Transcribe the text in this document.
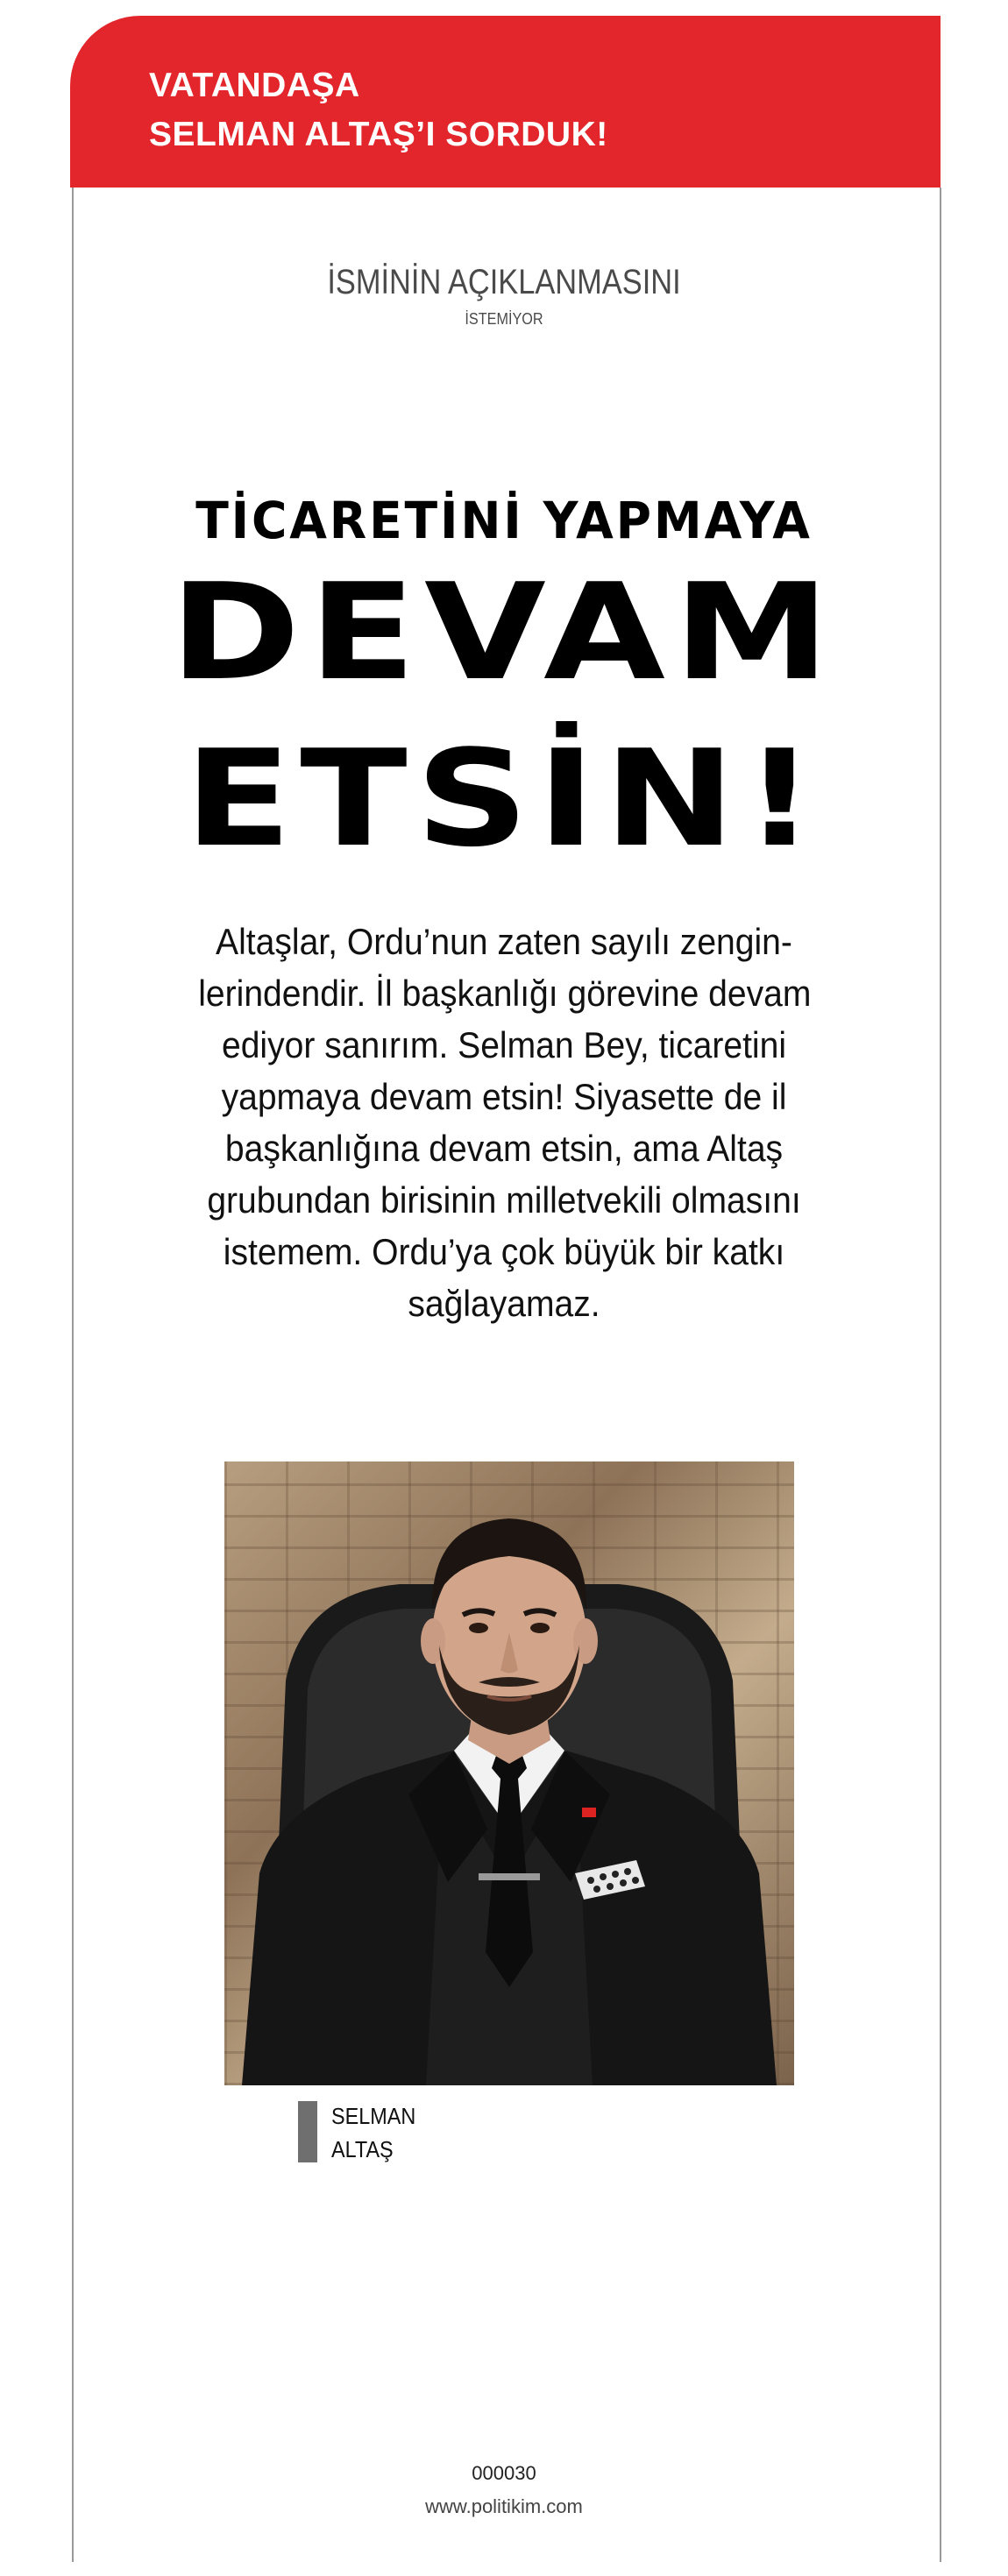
VATANDAŞA
SELMAN ALTAŞ’I SORDUK!
İSMİNİN AÇIKLANMASINI
İSTEMİYOR
TİCARETİNİ YAPMAYA
DEVAM
ETSİN!
Altaşlar, Ordu’nun zaten sayılı zengin-
lerindendir. İl başkanlığı görevine devam
ediyor sanırım. Selman Bey, ticaretini
yapmaya devam etsin! Siyasette de il
başkanlığına devam etsin, ama Altaş
grubundan birisinin milletvekili olmasını
istemem. Ordu’ya çok büyük bir katkı
sağlayamaz.
SELMAN
ALTAŞ
000030
www.politikim.com
